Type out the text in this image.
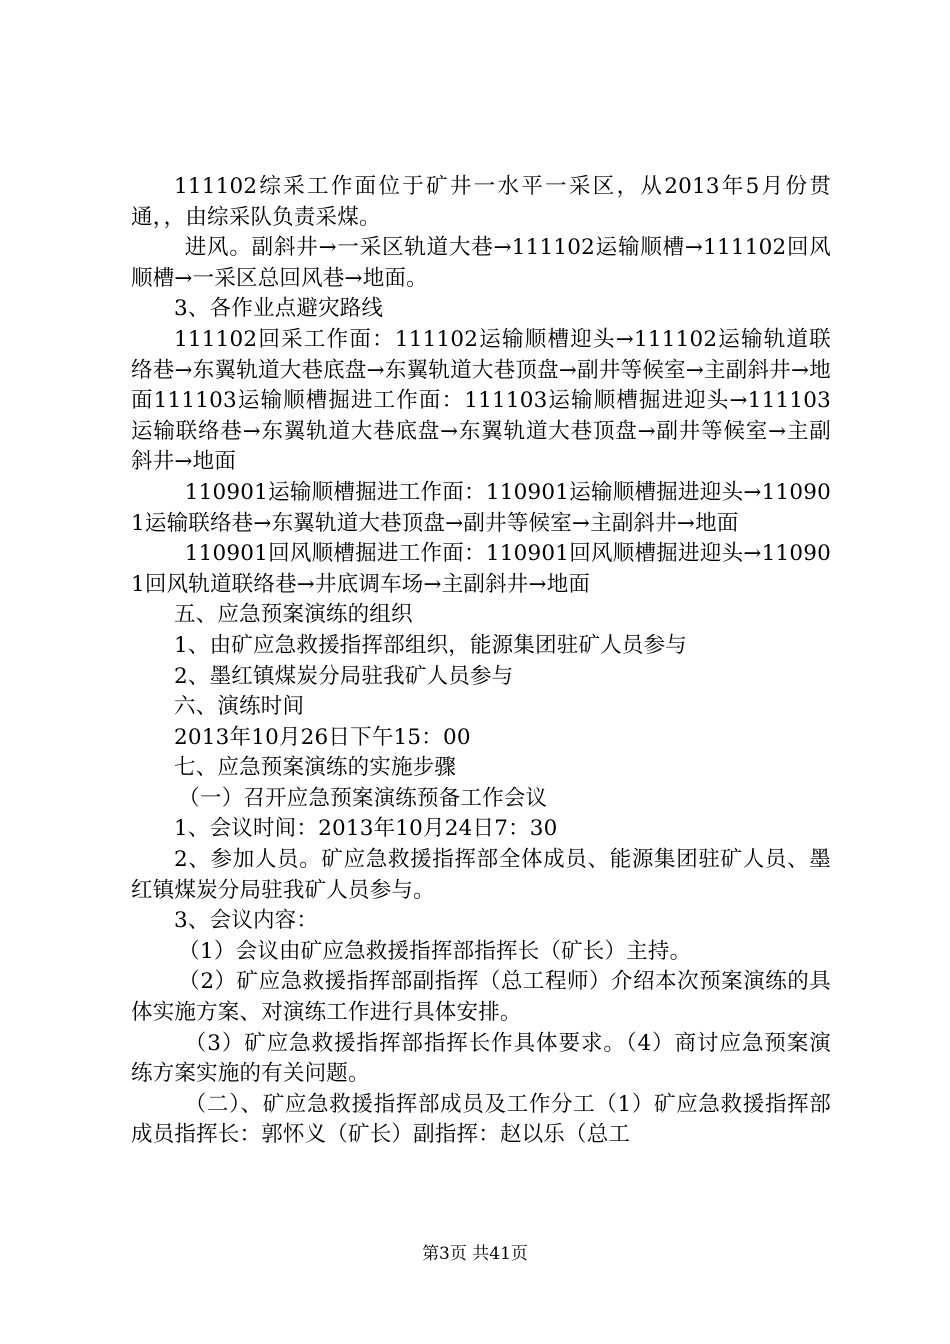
111102综采工作面位于矿井一水平一采区，从2013年5月份贯通，，由综采队负责采煤。

进风。副斜井→一采区轨道大巷→111102运输顺槽→111102回风顺槽→一采区总回风巷→地面。

3、各作业点避灾路线

111102回采工作面：111102运输顺槽迎头→111102运输轨道联络巷→东翼轨道大巷底盘→东翼轨道大巷顶盘→副井等候室→主副斜井→地面111103运输顺槽掘进工作面：111103运输顺槽掘进迎头→111103运输联络巷→东翼轨道大巷底盘→东翼轨道大巷顶盘→副井等候室→主副斜井→地面

110901运输顺槽掘进工作面：110901运输顺槽掘进迎头→110901运输联络巷→东翼轨道大巷顶盘→副井等候室→主副斜井→地面

110901回风顺槽掘进工作面：110901回风顺槽掘进迎头→110901回风轨道联络巷→井底调车场→主副斜井→地面

五、应急预案演练的组织

1、由矿应急救援指挥部组织，能源集团驻矿人员参与

2、墨红镇煤炭分局驻我矿人员参与

六、演练时间

2013年10月26日下午15：00

七、应急预案演练的实施步骤

（一）召开应急预案演练预备工作会议

1、会议时间：2013年10月24日7：30

2、参加人员。矿应急救援指挥部全体成员、能源集团驻矿人员、墨红镇煤炭分局驻我矿人员参与。

3、会议内容：

（1）会议由矿应急救援指挥部指挥长（矿长）主持。

（2）矿应急救援指挥部副指挥（总工程师）介绍本次预案演练的具体实施方案、对演练工作进行具体安排。

（3）矿应急救援指挥部指挥长作具体要求。（4）商讨应急预案演练方案实施的有关问题。

（二）、矿应急救援指挥部成员及工作分工（1）矿应急救援指挥部成员指挥长：郭怀义（矿长）副指挥：赵以乐（总工

第3页 共41页
